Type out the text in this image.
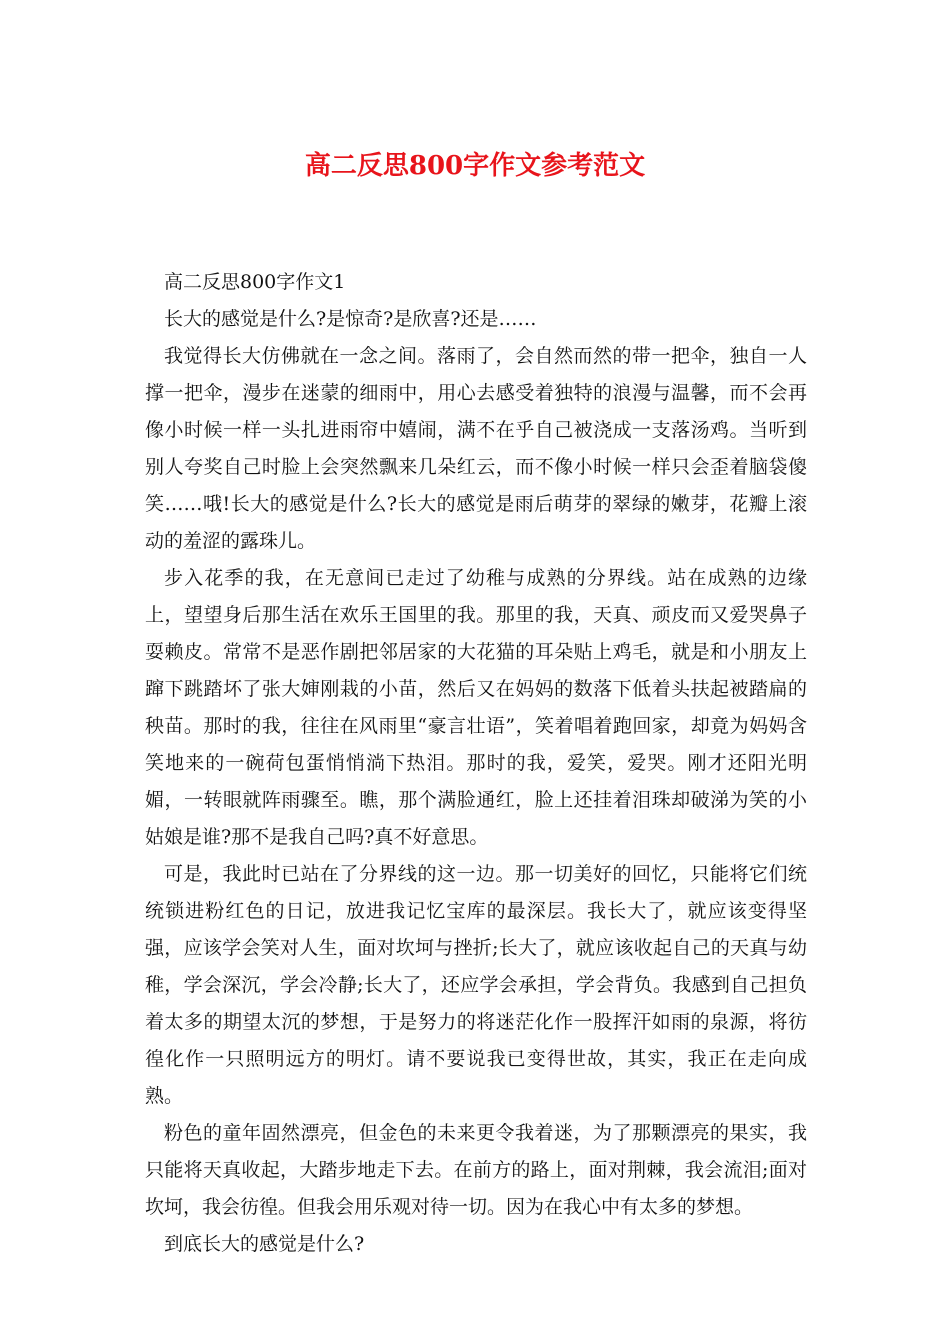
高二反思800字作文参考范文

高二反思800字作文1

长大的感觉是什么?是惊奇?是欣喜?还是……

我觉得长大仿佛就在一念之间。落雨了，会自然而然的带一把伞，独自一人撑一把伞，漫步在迷蒙的细雨中，用心去感受着独特的浪漫与温馨，而不会再像小时候一样一头扎进雨帘中嬉闹，满不在乎自己被浇成一支落汤鸡。当听到别人夸奖自己时脸上会突然飘来几朵红云，而不像小时候一样只会歪着脑袋傻笑……哦!长大的感觉是什么?长大的感觉是雨后萌芽的翠绿的嫩芽，花瓣上滚动的羞涩的露珠儿。

步入花季的我，在无意间已走过了幼稚与成熟的分界线。站在成熟的边缘上，望望身后那生活在欢乐王国里的我。那里的我，天真、顽皮而又爱哭鼻子耍赖皮。常常不是恶作剧把邻居家的大花猫的耳朵贴上鸡毛，就是和小朋友上蹿下跳踏坏了张大婶刚栽的小苗，然后又在妈妈的数落下低着头扶起被踏扁的秧苗。那时的我，往往在风雨里“豪言壮语”，笑着唱着跑回家，却竟为妈妈含笑地来的一碗荷包蛋悄悄淌下热泪。那时的我，爱笑，爱哭。刚才还阳光明媚，一转眼就阵雨骤至。瞧，那个满脸通红，脸上还挂着泪珠却破涕为笑的小姑娘是谁?那不是我自己吗?真不好意思。

可是，我此时已站在了分界线的这一边。那一切美好的回忆，只能将它们统统锁进粉红色的日记，放进我记忆宝库的最深层。我长大了，就应该变得坚强，应该学会笑对人生，面对坎坷与挫折;长大了，就应该收起自己的天真与幼稚，学会深沉，学会冷静;长大了，还应学会承担，学会背负。我感到自己担负着太多的期望太沉的梦想，于是努力的将迷茫化作一股挥汗如雨的泉源，将彷徨化作一只照明远方的明灯。请不要说我已变得世故，其实，我正在走向成熟。

粉色的童年固然漂亮，但金色的未来更令我着迷，为了那颗漂亮的果实，我只能将天真收起，大踏步地走下去。在前方的路上，面对荆棘，我会流泪;面对坎坷，我会彷徨。但我会用乐观对待一切。因为在我心中有太多的梦想。

到底长大的感觉是什么?
